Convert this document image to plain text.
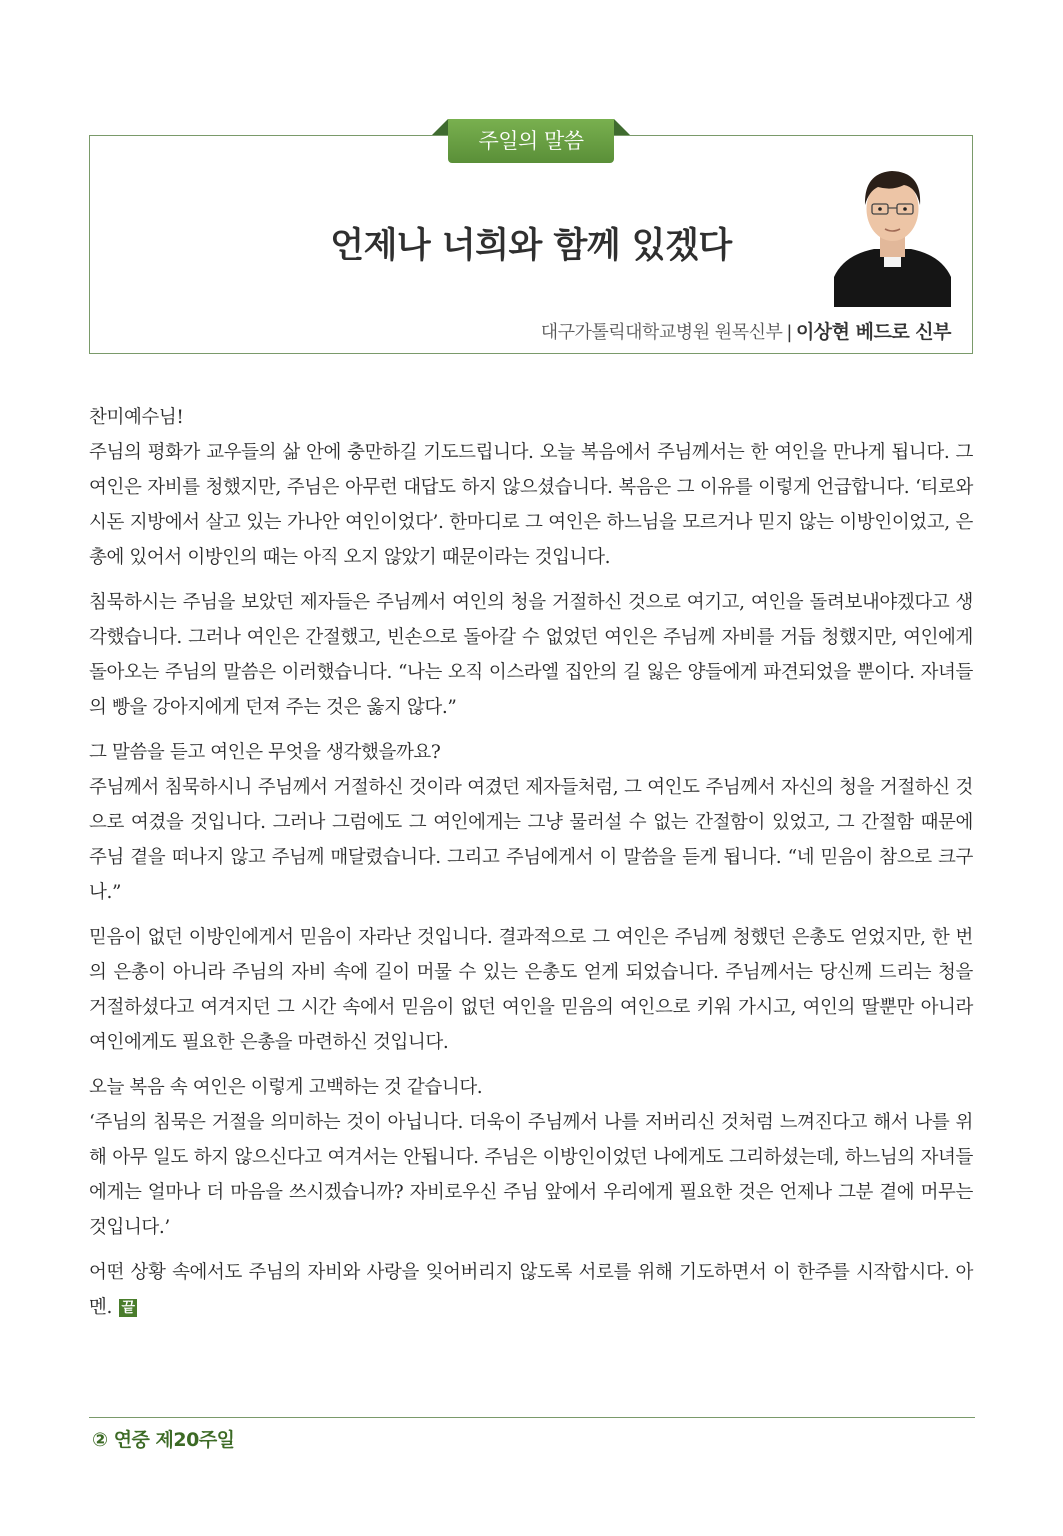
주일의 말씀
언제나 너희와 함께 있겠다
대구가톨릭대학교병원 원목신부 | 이상현 베드로 신부

찬미예수님!
주님의 평화가 교우들의 삶 안에 충만하길 기도드립니다. 오늘 복음에서 주님께서는 한 여인을 만나게 됩니다. 그 여인은 자비를 청했지만, 주님은 아무런 대답도 하지 않으셨습니다. 복음은 그 이유를 이렇게 언급합니다. ‘티로와 시돈 지방에서 살고 있는 가나안 여인이었다’. 한마디로 그 여인은 하느님을 모르거나 믿지 않는 이방인이었고, 은총에 있어서 이방인의 때는 아직 오지 않았기 때문이라는 것입니다.

침묵하시는 주님을 보았던 제자들은 주님께서 여인의 청을 거절하신 것으로 여기고, 여인을 돌려보내야겠다고 생각했습니다. 그러나 여인은 간절했고, 빈손으로 돌아갈 수 없었던 여인은 주님께 자비를 거듭 청했지만, 여인에게 돌아오는 주님의 말씀은 이러했습니다. “나는 오직 이스라엘 집안의 길 잃은 양들에게 파견되었을 뿐이다. 자녀들의 빵을 강아지에게 던져 주는 것은 옳지 않다.”

그 말씀을 듣고 여인은 무엇을 생각했을까요?
주님께서 침묵하시니 주님께서 거절하신 것이라 여겼던 제자들처럼, 그 여인도 주님께서 자신의 청을 거절하신 것으로 여겼을 것입니다. 그러나 그럼에도 그 여인에게는 그냥 물러설 수 없는 간절함이 있었고, 그 간절함 때문에 주님 곁을 떠나지 않고 주님께 매달렸습니다. 그리고 주님에게서 이 말씀을 듣게 됩니다. “네 믿음이 참으로 크구나.”

믿음이 없던 이방인에게서 믿음이 자라난 것입니다. 결과적으로 그 여인은 주님께 청했던 은총도 얻었지만, 한 번의 은총이 아니라 주님의 자비 속에 길이 머물 수 있는 은총도 얻게 되었습니다. 주님께서는 당신께 드리는 청을 거절하셨다고 여겨지던 그 시간 속에서 믿음이 없던 여인을 믿음의 여인으로 키워 가시고, 여인의 딸뿐만 아니라 여인에게도 필요한 은총을 마련하신 것입니다.

오늘 복음 속 여인은 이렇게 고백하는 것 같습니다.
‘주님의 침묵은 거절을 의미하는 것이 아닙니다. 더욱이 주님께서 나를 저버리신 것처럼 느껴진다고 해서 나를 위해 아무 일도 하지 않으신다고 여겨서는 안됩니다. 주님은 이방인이었던 나에게도 그리하셨는데, 하느님의 자녀들에게는 얼마나 더 마음을 쓰시겠습니까? 자비로우신 주님 앞에서 우리에게 필요한 것은 언제나 그분 곁에 머무는 것입니다.’

어떤 상황 속에서도 주님의 자비와 사랑을 잊어버리지 않도록 서로를 위해 기도하면서 이 한주를 시작합시다. 아멘. 끝

② 연중 제20주일
